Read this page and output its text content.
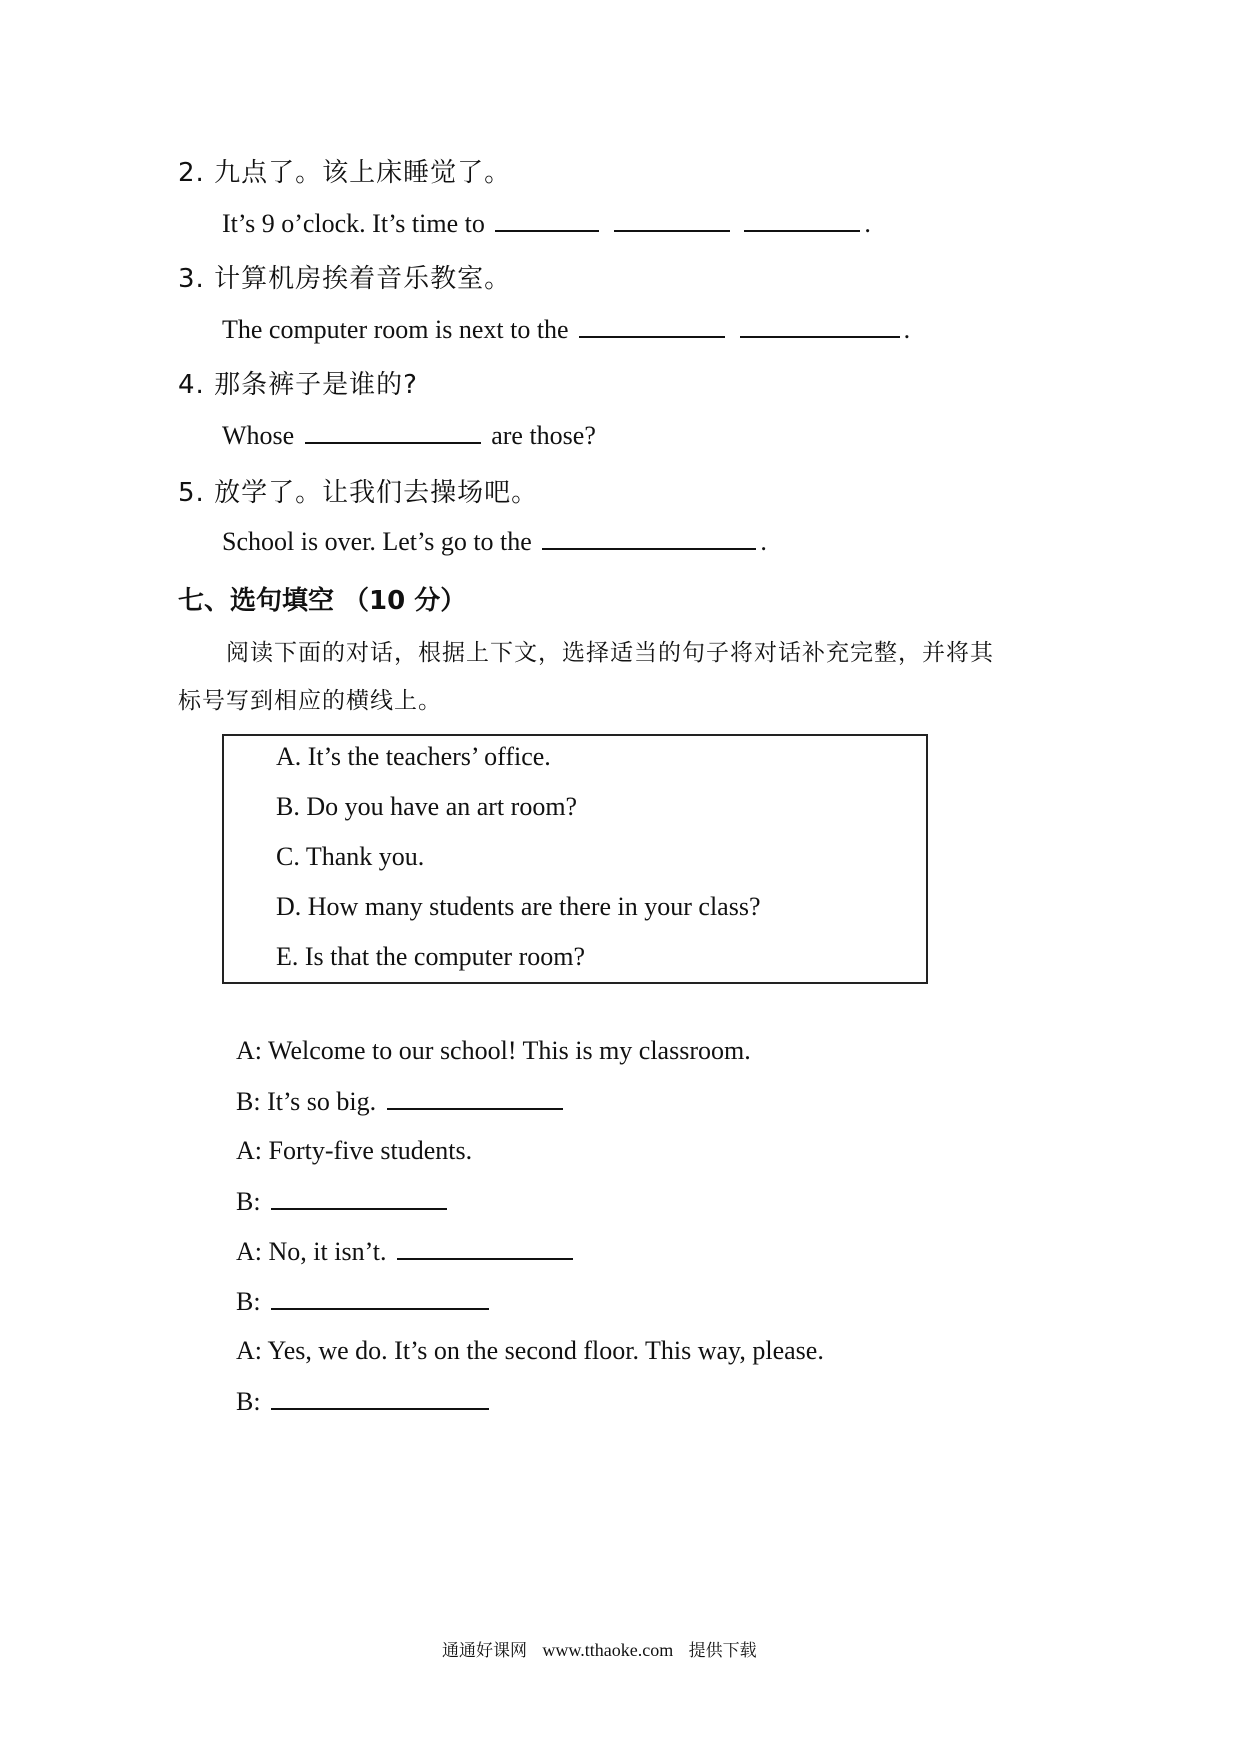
2. 九点了。该上床睡觉了。
It’s 9 o’clock. It’s time to	.
3. 计算机房挨着音乐教室。
The computer room is next to the	.
4. 那条裤子是谁的?
Whose	are those?
5. 放学了。让我们去操场吧。
School is over. Let’s go to the	.
七、选句填空 （10 分）
阅读下面的对话，根据上下文，选择适当的句子将对话补充完整，并将其
标号写到相应的横线上。
A. It’s the teachers’ office.
B. Do you have an art room?
C. Thank you.
D. How many students are there in your class?
E. Is that the computer room?
A: Welcome to our school! This is my classroom.
B: It’s so big.
A: Forty-five students.
B:
A: No, it isn’t.
B:
A: Yes, we do. It’s on the second floor. This way, please.
B:
通通好课网 www.tthaoke.com 提供下载
